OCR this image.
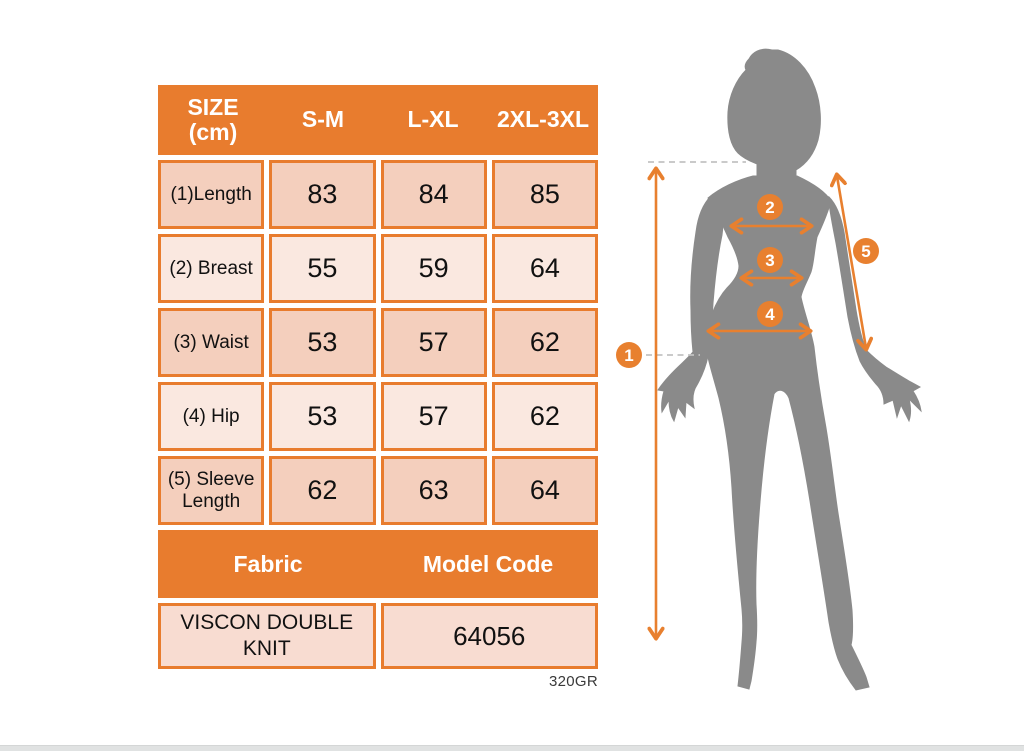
SIZE (cm)	S-M	L-XL	2XL-3XL
(1)Length	83	84	85
(2) Breast	55	59	64
(3) Waist	53	57	62
(4) Hip	53	57	62
(5) Sleeve Length	62	63	64
Fabric	Model Code
VISCON DOUBLE KNIT	64056
320GR
1
2
3
4
5
